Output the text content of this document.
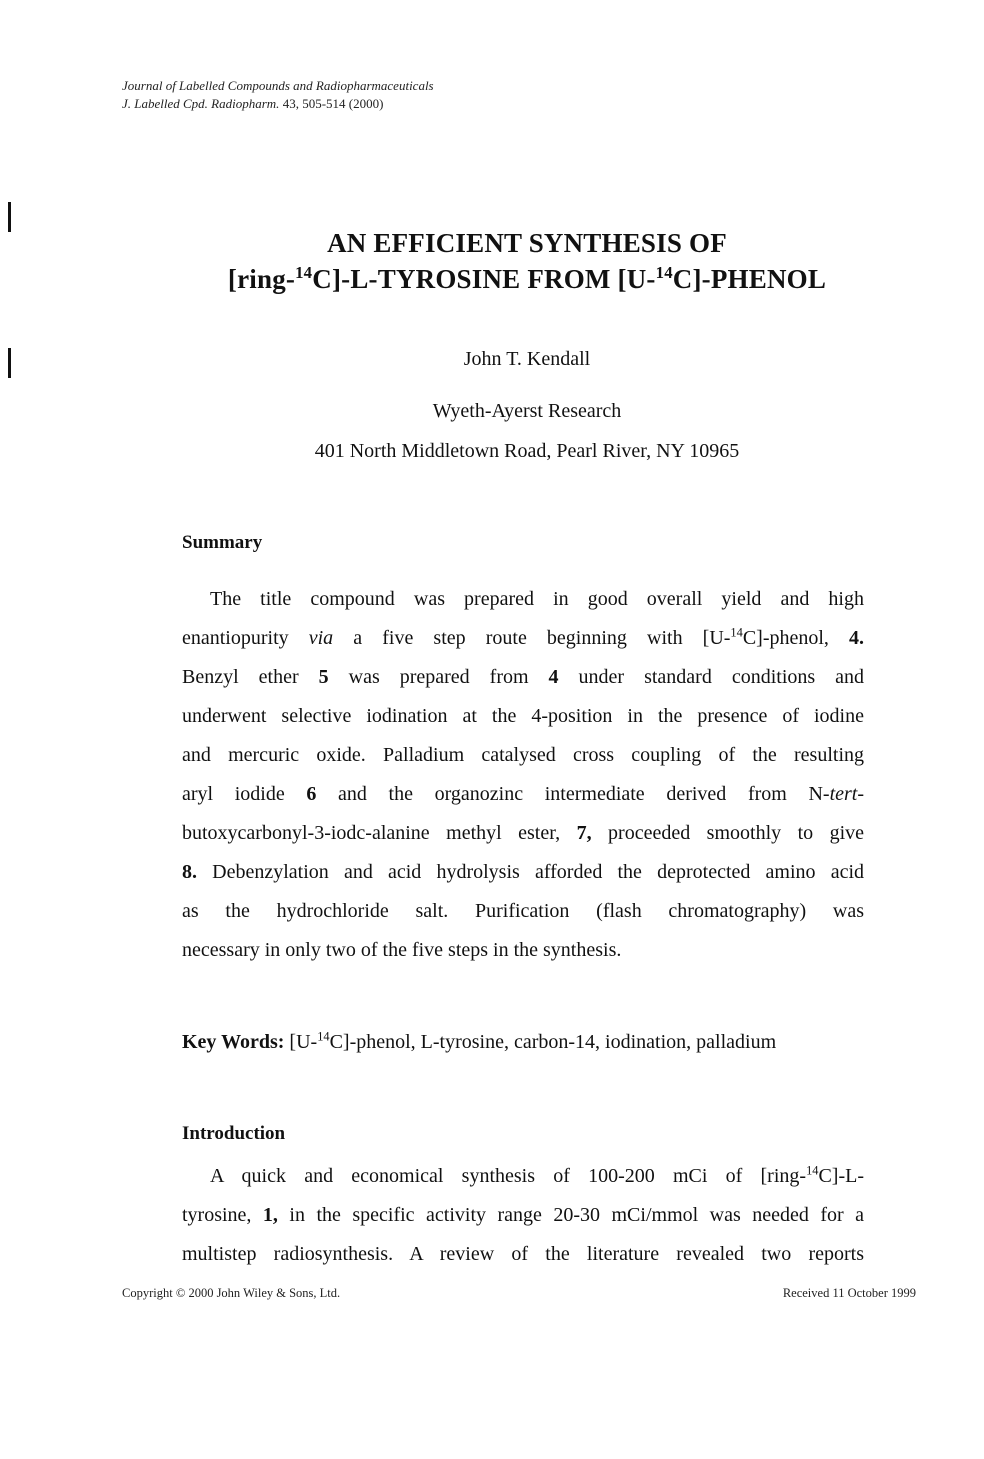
Journal of Labelled Compounds and Radiopharmaceuticals
J. Labelled Cpd. Radiopharm. 43, 505-514 (2000)
AN EFFICIENT SYNTHESIS OF
[ring-$^{14}$C]-L-TYROSINE FROM [U-$^{14}$C]-PHENOL
John T. Kendall
Wyeth-Ayerst Research
401 North Middletown Road, Pearl River, NY 10965
Summary
The title compound was prepared in good overall yield and high
enantiopurity via a five step route beginning with [U-$^{14}$C]-phenol, 4.
Benzyl ether 5 was prepared from 4 under standard conditions and
underwent selective iodination at the 4-position in the presence of iodine
and mercuric oxide. Palladium catalysed cross coupling of the resulting
aryl iodide 6 and the organozinc intermediate derived from N-tert-
butoxycarbonyl-3-iodc-alanine methyl ester, 7, proceeded smoothly to give
8. Debenzylation and acid hydrolysis afforded the deprotected amino acid
as the hydrochloride salt. Purification (flash chromatography) was
necessary in only two of the five steps in the synthesis.
Key Words: [U-$^{14}$C]-phenol, L-tyrosine, carbon-14, iodination, palladium
Introduction
A quick and economical synthesis of 100-200 mCi of [ring-$^{14}$C]-L-
tyrosine, 1, in the specific activity range 20-30 mCi/mmol was needed for a
multistep radiosynthesis. A review of the literature revealed two reports
Copyright © 2000 John Wiley & Sons, Ltd.	Received 11 October 1999
